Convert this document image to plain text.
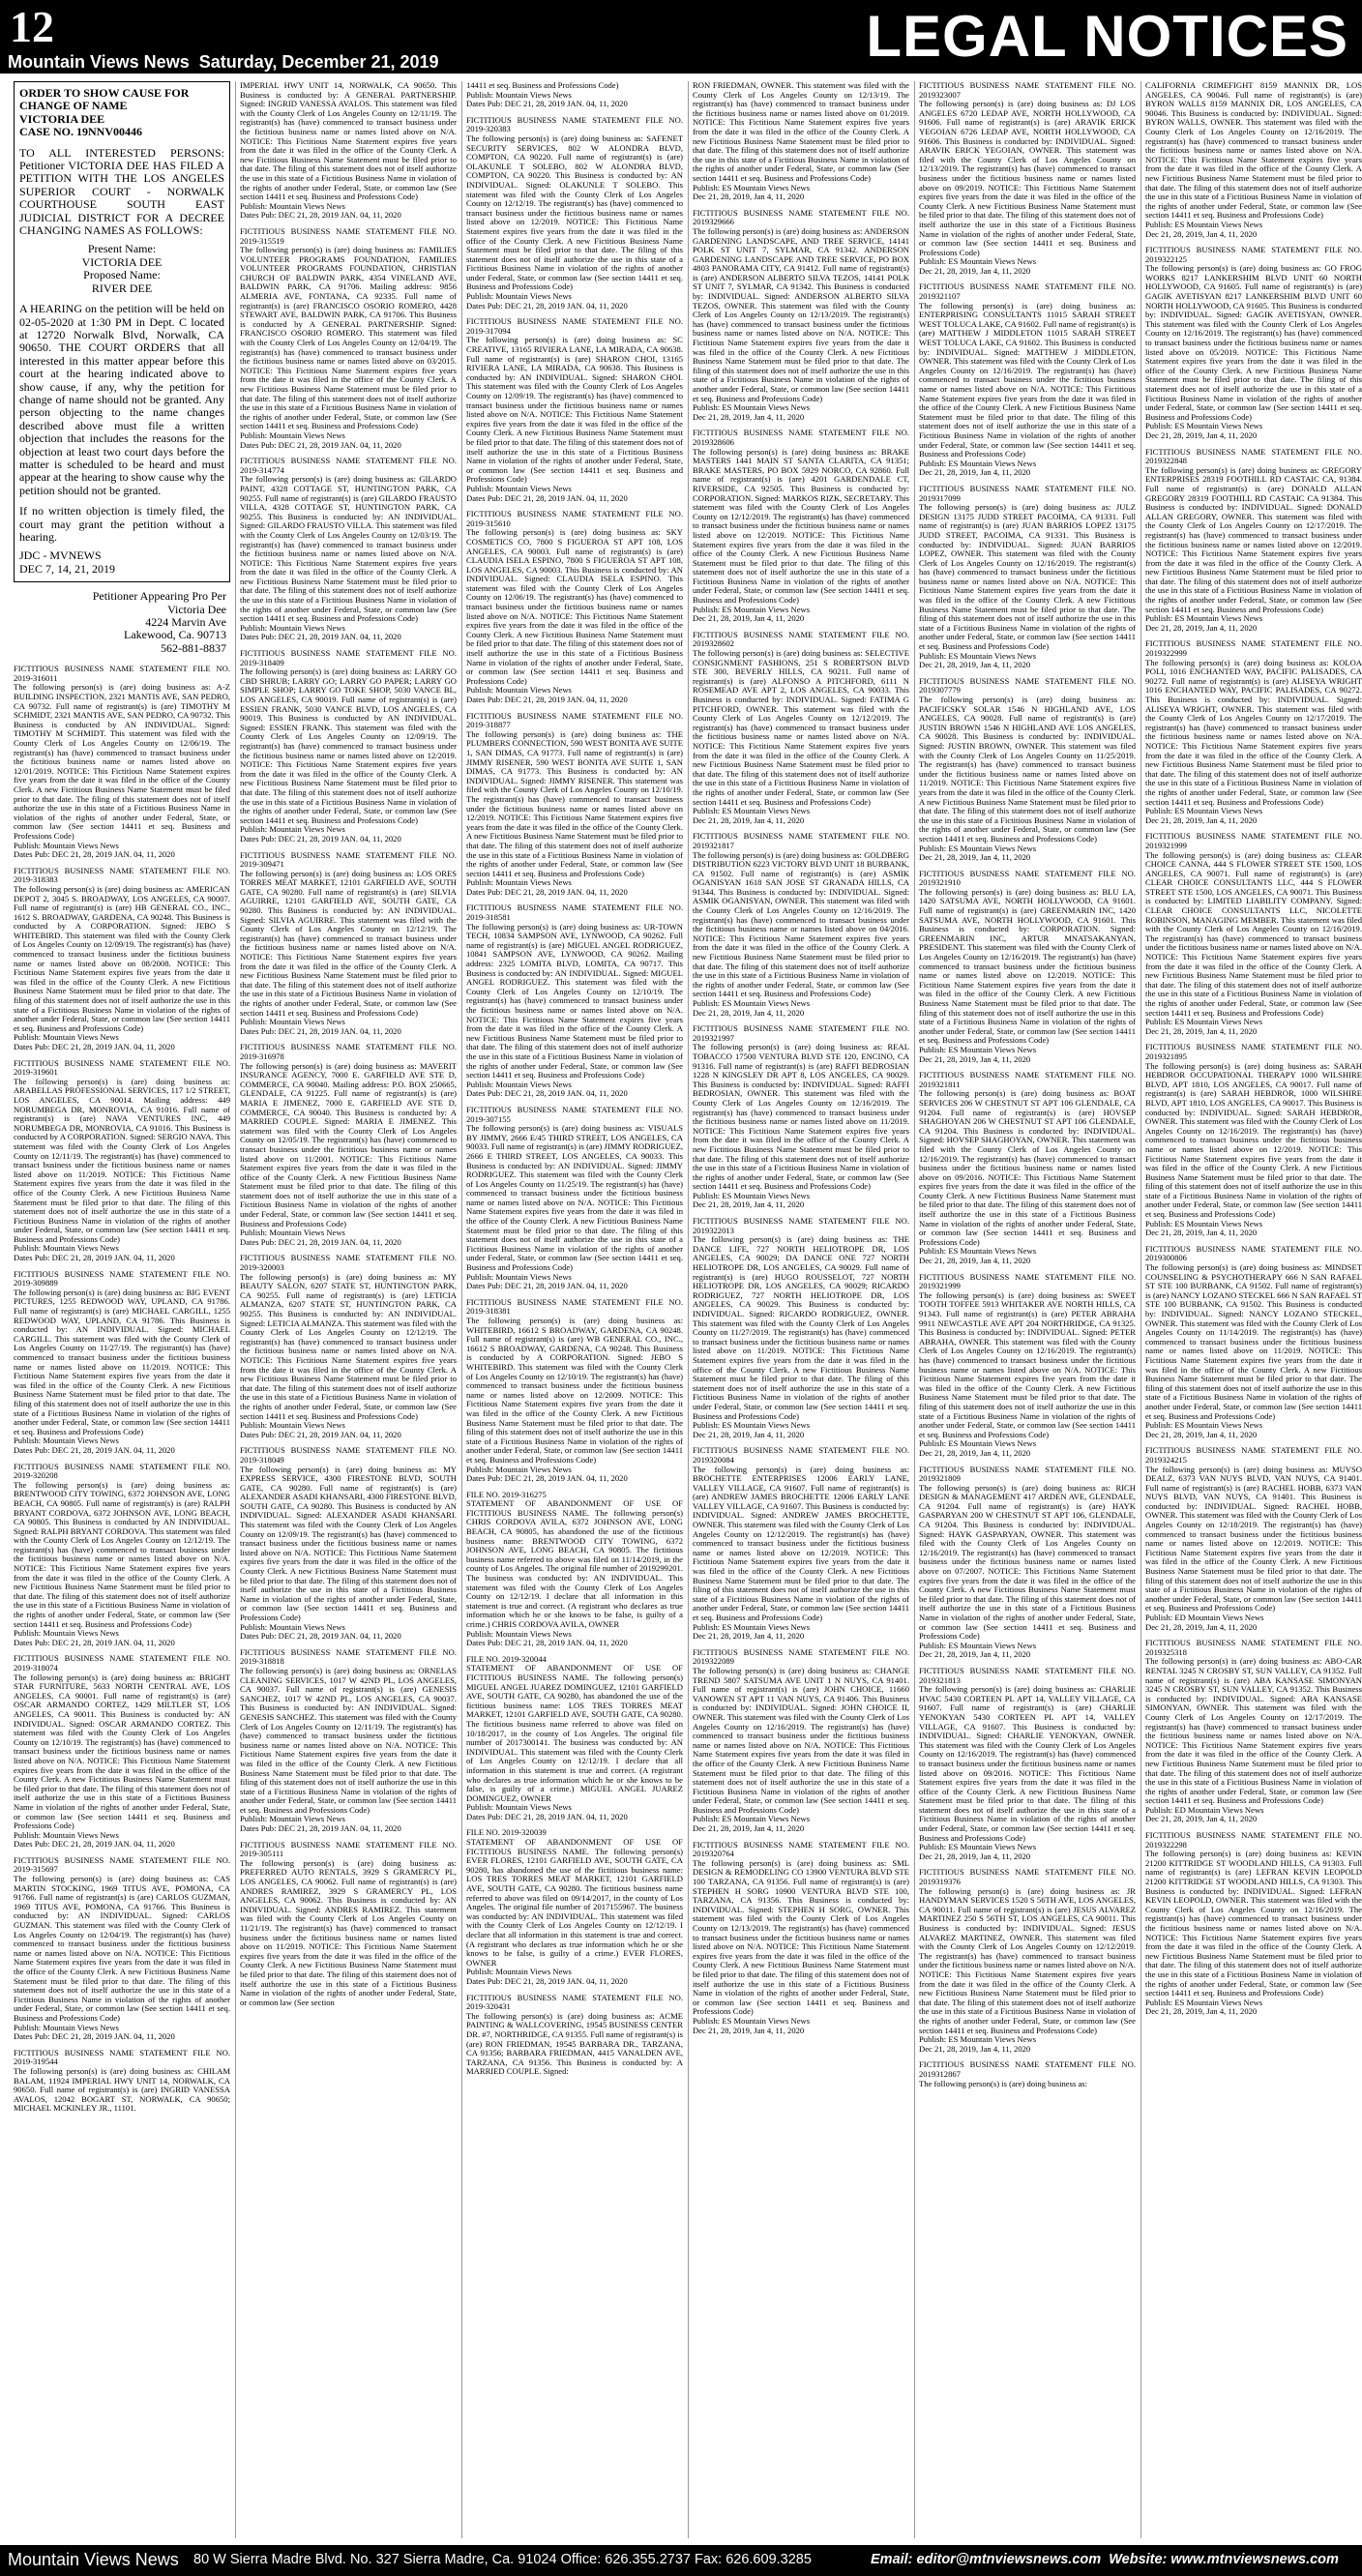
12
Mountain Views News Saturday, December 21, 2019	LEGAL NOTICES
ORDER TO SHOW CAUSE FOR CHANGE OF NAME
VICTORIA DEE
CASE NO. 19NNV00446

TO ALL INTERESTED PERSONS: Petitioner VICTORIA DEE HAS FILED A PETITION WITH THE LOS ANGELES SUPERIOR COURT - NORWALK COURTHOUSE SOUTH EAST JUDICIAL DISTRICT FOR A DECREE CHANGING NAMES AS FOLLOWS:

Present Name:
VICTORIA DEE
Proposed Name:
RIVER DEE

A HEARING on the petition will be held on 02-05-2020 at 1:30 PM in Dept. C located at 12720 Norwalk Blvd, Norwalk, CA 90650. THE COURT ORDERS that all interested in this matter appear before this court at the hearing indicated above to show cause, if any, why the petition for change of name should not be granted. Any person objecting to the name changes described above must file a written objection that includes the reasons for the objection at least two court days before the matter is scheduled to be heard and must appear at the hearing to show cause why the petition should not be granted.

If no written objection is timely filed, the court may grant the petition without a hearing.

JDC - MVNEWS
DEC 7, 14, 21, 2019
Petitioner Appearing Pro Per
Victoria Dee
4224 Marvin Ave
Lakewood, Ca. 90713
562-881-8837
FICTITIOUS BUSINESS NAME STATEMENT FILE NO. 2019-316011
The following person(s) is (are) doing business as: A-Z BUILDING INSPECTION, 2321 MANTIS AVE, SAN PEDRO, CA 90732. Full name of registrant(s) is (are) TIMOTHY M SCHMIDT, 2321 MANTIS AVE, SAN PEDRO, CA 90732. This Business is conducted by AN INDIVIDUAL. Signed: TIMOTHY M SCHMIDT. This statement was filed with the County Clerk of Los Angeles County on 12/06/19. The registrant(s) has (have) commenced to transact business under the fictitious business name or names listed above on 12/01/2019. NOTICE: This Fictitious Name Statement expires five years from the date it was filed in the office of the County Clerk. A new Fictitious Business Name Statement must be filed prior to that date. The filing of this statement does not of itself authorize the use in this state of a Fictitious Business Name in violation of the rights of another under Federal, State, or common law (See section 14411 et seq. Business and Professions Code)
Publish: Mountain Views News
Dates Pub: DEC 21, 28, 2019 JAN. 04, 11, 2020
FICTITIOUS BUSINESS NAME STATEMENT FILE NO. 2019-318383
The following person(s) is (are) doing business as: AMERICAN DEPOT 2, 3045 S. BROADWAY, LOS ANGELES, CA 90007. Full name of registrant(s) is (are) HB GENERAL CO., INC., 1612 S. BROADWAY, GARDENA, CA 90248. This Business is conducted by A CORPORATION. Signed: JEBO S WHITEBIRD. This statement was filed with the County Clerk of Los Angeles County on 12/09/19. The registrant(s) has (have) commenced to transact business under the fictitious business name or names listed above on 08/2008. NOTICE: This Fictitious Name Statement expires five years from the date it was filed in the office of the County Clerk. A new Fictitious Business Name Statement must be filed prior to that date. The filing of this statement does not of itself authorize the use in this state of a Fictitious Business Name in violation of the rights of another under Federal, State, or common law (See section 14411 et seq. Business and Professions Code)
Publish: Mountain Views News
Dates Pub: DEC 21, 28, 2019 JAN. 04, 11, 2020
FICTITIOUS BUSINESS NAME STATEMENT FILE NO. 2019-319601
The following person(s) is (are) doing business as: ARABELLAS PROFESSIONAL SERVICES, 117 1/2 STREET, LOS ANGELES, CA 90014. Mailing address: 449 NORUMBEGA DR, MONROVIA, CA 91016. Full name of registrant(s) is (are) NAVA VENTURES INC, 449 NORUMBEGA DR, MONROVIA, CA 91016. This Business is conducted by A CORPORATION. Signed: SERGIO NAVA. This statement was filed with the County Clerk of Los Angeles County on 12/11/19. The registrant(s) has (have) commenced to transact business under the fictitious business name or names listed above on 11/2019. NOTICE: This Fictitious Name Statement expires five years from the date it was filed in the office of the County Clerk. A new Fictitious Business Name Statement must be filed prior to that date. The filing of this statement does not of itself authorize the use in this state of a Fictitious Business Name in violation of the rights of another under Federal, State, or common law (See section 14411 et seq. Business and Professions Code)
Publish: Mountain Views News
Dates Pub: DEC 21, 28, 2019 JAN. 04, 11, 2020
FICTITIOUS BUSINESS NAME STATEMENT FILE NO. 2019-309889
The following person(s) is (are) doing business as: BIG EVENT PICTURES, 1255 REDWOOD WAY, UPLAND, CA 91786. Full name of registrant(s) is (are) MICHAEL CARGILL, 1255 REDWOOD WAY, UPLAND, CA 91786. This Business is conducted by: AN INDIVIDUAL. Signed: MICHAEL CARGILL. This statement was filed with the County Clerk of Los Angeles County on 11/27/19. The registrant(s) has (have) commenced to transact business under the fictitious business name or names listed above on 11/2019. NOTICE: This Fictitious Name Statement expires five years from the date it was filed in the office of the County Clerk. A new Fictitious Business Name Statement must be filed prior to that date. The filing of this statement does not of itself authorize the use in this state of a Fictitious Business Name in violation of the rights of another under Federal, State, or common law (See section 14411 et seq. Business and Professions Code)
Publish: Mountain Views News
Dates Pub: DEC 21, 28, 2019 JAN. 04, 11, 2020
FICTITIOUS BUSINESS NAME STATEMENT FILE NO. 2019-320208
The following person(s) is (are) doing business as: BRENTWOOD CITY TOWING, 6372 JOHNSON AVE, LONG BEACH, CA 90805. Full name of registrant(s) is (are) RALPH BRYANT CORDOVA, 6372 JOHNSON AVE, LONG BEACH, CA 90805. This Business is conducted by AN INDIVIDUAL. Signed: RALPH BRYANT CORDOVA. This statement was filed with the County Clerk of Los Angeles County on 12/12/19. The registrant(s) has (have) commenced to transact business under the fictitious business name or names listed above on N/A. NOTICE: This Fictitious Name Statement expires five years from the date it was filed in the office of the County Clerk. A new Fictitious Business Name Statement must be filed prior to that date. The filing of this statement does not of itself authorize the use in this state of a Fictitious Business Name in violation of the rights of another under Federal, State, or common law (See section 14411 et seq. Business and Professions Code)
Publish: Mountain Views News
Dates Pub: DEC 21, 28, 2019 JAN. 04, 11, 2020
FICTITIOUS BUSINESS NAME STATEMENT FILE NO. 2019-318074
The following person(s) is (are) doing business as: BRIGHT STAR FURNITURE, 5633 NORTH CENTRAL AVE, LOS ANGELES, CA 90001. Full name of registrant(s) is (are) OSCAR ARMANDO CORTEZ, 1429 MILTLER ST, LOS ANGELES, CA 90011. This Business is conducted by: AN INDIVIDUAL. Signed: OSCAR ARMANDO CORTEZ. This statement was filed with the County Clerk of Los Angeles County on 12/10/19. The registrant(s) has (have) commenced to transact business under the fictitious business name or names listed above on N/A. NOTICE: This Fictitious Name Statement expires five years from the date it was filed in the office of the County Clerk. A new Fictitious Business Name Statement must be filed prior to that date. The filing of this statement does not of itself authorize the use in this state of a Fictitious Business Name in violation of the rights of another under Federal, State, or common law (See section 14411 et seq. Business and Professions Code)
Publish: Mountain Views News
Dates Pub: DEC 21, 28, 2019 JAN. 04, 11, 2020
FICTITIOUS BUSINESS NAME STATEMENT FILE NO. 2019-315697
The following person(s) is (are) doing business as: CAS MARTIN STOCKING, 1969 TITUS AVE, POMONA, CA 91766. Full name of registrant(s) is (are) CARLOS GUZMAN, 1969 TITUS AVE, POMONA, CA 91766. This Business is conducted by: AN INDIVIDUAL. Signed: CARLOS GUZMAN. This statement was filed with the County Clerk of Los Angeles County on 12/04/19. The registrant(s) has (have) commenced to transact business under the fictitious business name or names listed above on N/A. NOTICE: This Fictitious Name Statement expires five years from the date it was filed in the office of the County Clerk. A new Fictitious Business Name Statement must be filed prior to that date. The filing of this statement does not of itself authorize the use in this state of a Fictitious Business Name in violation of the rights of another under Federal, State, or common law (See section 14411 et seq. Business and Professions Code)
Publish: Mountain Views News
Dates Pub: DEC 21, 28, 2019 JAN. 04, 11, 2020
FICTITIOUS BUSINESS NAME STATEMENT FILE NO. 2019-319544
The following person(s) is (are) doing business as: CHILAM BALAM, 11924 IMPERIAL HWY UNIT 14, NORWALK, CA 90650. Full name of registrant(s) is (are) INGRID VANESSA AVALOS, 12042 BOGART ST, NORWALK, CA 90650; MICHAEL MCKINLEY JR., 11101.
IMPERIAL HWY UNIT 14, NORWALK, CA 90650. This Business is conducted by: A GENERAL PARTNERSHIP. Signed: INGRID VANESSA AVALOS. This statement was filed with the County Clerk of Los Angeles County on 12/11/19. The registrant(s) has (have) commenced to transact business under the fictitious business name or names listed above on N/A. NOTICE: This Fictitious Name Statement expires five years from the date it was filed in the office of the County Clerk. A new Fictitious Business Name Statement must be filed prior to that date. The filing of this statement does not of itself authorize the use in this state of a Fictitious Business Name in violation of the rights of another under Federal, State, or common law (See section 14411 et seq. Business and Professions Code)
Publish: Mountain Views News
Dates Pub: DEC 21, 28, 2019 JAN. 04, 11, 2020
FICTITIOUS BUSINESS NAME STATEMENT FILE NO. 2019-315519
The following person(s) is (are) doing business as: FAMILIES VOLUNTEER PROGRAMS FOUNDATION, FAMILIES VOLUNTEER PROGRAMS FOUNDATION, CHRISTIAN CHURCH OF BALDWIN PARK, 4354 VINELAND AVE, BALDWIN PARK, CA 91706. Mailing address: 9856 ALMERIA AVE, FONTANA, CA 92335. Full name of registrant(s) is (are) FRANCISCO OSORIO ROMERO, 4428 STEWART AVE, BALDWIN PARK, CA 91706. This Business is conducted by A GENERAL PARTNERSHIP. Signed: FRANCISCO OSORIO ROMERO. This statement was filed with the County Clerk of Los Angeles County on 12/04/19. The registrant(s) has (have) commenced to transact business under the fictitious business name or names listed above on 03/2015. NOTICE: This Fictitious Name Statement expires five years from the date it was filed in the office of the County Clerk. A new Fictitious Business Name Statement must be filed prior to that date. The filing of this statement does not of itself authorize the use in this state of a Fictitious Business Name in violation of the rights of another under Federal, State, or common law (See section 14411 et seq. Business and Professions Code)
Publish: Mountain Views News
Dates Pub: DEC 21, 28, 2019 JAN. 04, 11, 2020
FICTITIOUS BUSINESS NAME STATEMENT FILE NO. 2019-314774
The following person(s) is (are) doing business as: GILARDO PAINT, 4328 COTTAGE ST, HUNTINGTON PARK, CA 90255. Full name of registrant(s) is (are) GILARDO FRAUSTO VILLA, 4328 COTTAGE ST, HUNTINGTON PARK, CA 90255. This Business is conducted by: AN INDIVIDUAL. Signed: GILARDO FRAUSTO VILLA. This statement was filed with the County Clerk of Los Angeles County on 12/03/19. The registrant(s) has (have) commenced to transact business under the fictitious business name or names listed above on N/A. NOTICE: This Fictitious Name Statement expires five years from the date it was filed in the office of the County Clerk. A new Fictitious Business Name Statement must be filed prior to that date. The filing of this statement does not of itself authorize the use in this state of a Fictitious Business Name in violation of the rights of another under Federal, State, or common law (See section 14411 et seq. Business and Professions Code)
Publish: Mountain Views News
Dates Pub: DEC 21, 28, 2019 JAN. 04, 11, 2020
FICTITIOUS BUSINESS NAME STATEMENT FILE NO. 2019-318409
The following person(s) is (are) doing business as: LARRY GO CBD SHRUB; LARRY GO; LARRY GO PAPER; LARRY GO SIMPLE SHOP; LARRY GO TOKE SHOP, 5030 VANCE BL, LOS ANGELES, CA 90019. Full name of registrant(s) is (are) ESSIEN FRANK, 5030 VANCE BLVD, LOS ANGELES, CA 90019. This Business is conducted by AN INDIVIDUAL. Signed: ESSIEN FRANK. This statement was filed with the County Clerk of Los Angeles County on 12/09/19. The registrant(s) has (have) commenced to transact business under the fictitious business name or names listed above on 12/2019. NOTICE: This Fictitious Name Statement expires five years from the date it was filed in the office of the County Clerk. A new Fictitious Business Name Statement must be filed prior to that date. The filing of this statement does not of itself authorize the use in this state of a Fictitious Business Name in violation of the rights of another under Federal, State, or common law (See section 14411 et seq. Business and Professions Code)
Publish: Mountain Views News
Dates Pub: DEC 21, 28, 2019 JAN. 04, 11, 2020
FICTITIOUS BUSINESS NAME STATEMENT FILE NO. 2019-309471
The following person(s) is (are) doing business as: LOS ORES TORRES MEAT MARKET, 12101 GARFIELD AVE, SOUTH GATE, CA 90280. Full name of registrant(s) is (are) SILVIA AGUIRRE, 12101 GARFIELD AVE, SOUTH GATE, CA 90280. This Business is conducted by: AN INDIVIDUAL. Signed: SILVIA AGUIRRE. This statement was filed with the County Clerk of Los Angeles County on 12/12/19. The registrant(s) has (have) commenced to transact business under the fictitious business name or names listed above on N/A. NOTICE: This Fictitious Name Statement expires five years from the date it was filed in the office of the County Clerk. A new Fictitious Business Name Statement must be filed prior to that date. The filing of this statement does not of itself authorize the use in this state of a Fictitious Business Name in violation of the rights of another under Federal, State, or common law (See section 14411 et seq. Business and Professions Code)
Publish: Mountain Views News
Dates Pub: DEC 21, 28, 2019 JAN. 04, 11, 2020
FICTITIOUS BUSINESS NAME STATEMENT FILE NO. 2019-316978
The following person(s) is (are) doing business as: MAVERIT INSURANCE AGENCY, 7000 E. GARFIELD AVE STE D, COMMERCE, CA 90040. Mailing address: P.O. BOX 250665, GLENDALE, CA 91225. Full name of registrant(s) is (are) MARIA E JIMENEZ, 7000 E. GARFIELD AVE STE D, COMMERCE, CA 90040. This Business is conducted by: A MARRIED COUPLE. Signed: MARIA E JIMENEZ. This statement was filed with the County Clerk of Los Angeles County on 12/05/19. The registrant(s) has (have) commenced to transact business under the fictitious business name or names listed above on 11/2001. NOTICE: This Fictitious Name Statement expires five years from the date it was filed in the office of the County Clerk. A new Fictitious Business Name Statement must be filed prior to that date. The filing of this statement does not of itself authorize the use in this state of a Fictitious Business Name in violation of the rights of another under Federal, State, or common law (See section 14411 et seq. Business and Professions Code)
Publish: Mountain Views News
Dates Pub: DEC 21, 28, 2019 JAN. 04, 11, 2020
FICTITIOUS BUSINESS NAME STATEMENT FILE NO. 2019-320003
The following person(s) is (are) doing business as: MY BEAUTY SALON, 6207 STATE ST, HUNTINGTON PARK, CA 90255. Full name of registrant(s) is (are) LETICIA ALMANZA, 6207 STATE ST, HUNTINGTON PARK, CA 90255. This Business is conducted by: AN INDIVIDUAL. Signed: LETICIA ALMANZA. This statement was filed with the County Clerk of Los Angeles County on 12/12/19. The registrant(s) has (have) commenced to transact business under the fictitious business name or names listed above on N/A. NOTICE: This Fictitious Name Statement expires five years from the date it was filed in the office of the County Clerk. A new Fictitious Business Name Statement must be filed prior to that date. The filing of this statement does not of itself authorize the use in this state of a Fictitious Business Name in violation of the rights of another under Federal, State, or common law (See section 14411 et seq. Business and Professions Code)
Publish: Mountain Views News
Dates Pub: DEC 21, 28, 2019 JAN. 04, 11, 2020
FICTITIOUS BUSINESS NAME STATEMENT FILE NO. 2019-318049
The following person(s) is (are) doing business as: MY EXPRESS SERVICE, 4300 FIRESTONE BLVD, SOUTH GATE, CA 90280. Full name of registrant(s) is (are) ALEXANDER ASADI KHANSARI, 4300 FIRESTONE BLVD, SOUTH GATE, CA 90280. This Business is conducted by AN INDIVIDUAL. Signed: ALEXANDER ASADI KHANSARI. This statement was filed with the County Clerk of Los Angeles County on 12/09/19. The registrant(s) has (have) commenced to transact business under the fictitious business name or names listed above on N/A. NOTICE: This Fictitious Name Statement expires five years from the date it was filed in the office of the County Clerk. A new Fictitious Business Name Statement must be filed prior to that date. The filing of this statement does not of itself authorize the use in this state of a Fictitious Business Name in violation of the rights of another under Federal, State, or common law (See section 14411 et seq. Business and Professions Code)
Publish: Mountain Views News
Dates Pub: DEC 21, 28, 2019 JAN. 04, 11, 2020
FICTITIOUS BUSINESS NAME STATEMENT FILE NO. 2019-318818
The following person(s) is (are) doing business as: ORNELAS CLEANING SERVICES, 1017 W 42ND PL, LOS ANGELES, CA 90037. Full name of registrant(s) is (are) GENESIS SANCHEZ, 1017 W 42ND PL, LOS ANGELES, CA 90037. This Business is conducted by: AN INDIVIDUAL. Signed: GENESIS SANCHEZ. This statement was filed with the County Clerk of Los Angeles County on 12/11/19. The registrant(s) has (have) commenced to transact business under the fictitious business name or names listed above on N/A. NOTICE: This Fictitious Name Statement expires five years from the date it was filed in the office of the County Clerk. A new Fictitious Business Name Statement must be filed prior to that date. The filing of this statement does not of itself authorize the use in this state of a Fictitious Business Name in violation of the rights of another under Federal, State, or common law (See section 14411 et seq. Business and Professions Code)
Publish: Mountain Views News
Dates Pub: DEC 21, 28, 2019 JAN. 04, 11, 2020
FICTITIOUS BUSINESS NAME STATEMENT FILE NO. 2019-305111
The following person(s) is (are) doing business as: PREFERRED AUTO RENTALS, 3929 S GRAMERCY PL, LOS ANGELES, CA 90062. Full name of registrant(s) is (are) ANDRES RAMIREZ, 3929 S GRAMERCY PL, LOS ANGELES, CA 90062. This Business is conducted by: AN INDIVIDUAL. Signed: ANDRES RAMIREZ. This statement was filed with the County Clerk of Los Angeles County on 11/21/19. The registrant(s) has (have) commenced to transact business under the fictitious business name or names listed above on 11/2019. NOTICE: This Fictitious Name Statement expires five years from the date it was filed in the office of the County Clerk. A new Fictitious Business Name Statement must be filed prior to that date. The filing of this statement does not of itself authorize the use in this state of a Fictitious Business Name in violation of the rights of another under Federal, State, or common law (See section
14411 et seq. Business and Professions Code)
Publish: Mountain Views News
Dates Pub: DEC 21, 28, 2019 JAN. 04, 11, 2020
FICTITIOUS BUSINESS NAME STATEMENT FILE NO. 2019-320383
The following person(s) is (are) doing business as: SAFENET SECURITY SERVICES, 802 W ALONDRA BLVD, COMPTON, CA 90220. Full name of registrant(s) is (are) OLAKUNLE T SOLEBO, 802 W ALONDRA BLVD, COMPTON, CA 90220. This Business is conducted by: AN INDIVIDUAL. Signed: OLAKUNLE T SOLEBO. This statement was filed with the County Clerk of Los Angeles County on 12/12/19. The registrant(s) has (have) commenced to transact business under the fictitious business name or names listed above on 12/2019. NOTICE: This Fictitious Name Statement expires five years from the date it was filed in the office of the County Clerk. A new Fictitious Business Name Statement must be filed prior to that date. The filing of this statement does not of itself authorize the use in this state of a Fictitious Business Name in violation of the rights of another under Federal, State, or common law (See section 14411 et seq. Business and Professions Code)
Publish: Mountain Views News
Dates Pub: DEC 21, 28, 2019 JAN. 04, 11, 2020
FICTITIOUS BUSINESS NAME STATEMENT FILE NO. 2019-317094
The following person(s) is (are) doing business as: SC CREATIVE, 13165 RIVIERA LANE, LA MIRADA, CA 90638. Full name of registrant(s) is (are) SHARON CHOI, 13165 RIVIERA LANE, LA MIRADA, CA 90638. This Business is conducted by: AN INDIVIDUAL. Signed: SHARON CHOI. This statement was filed with the County Clerk of Los Angeles County on 12/09/19. The registrant(s) has (have) commenced to transact business under the fictitious business name or names listed above on N/A. NOTICE: This Fictitious Name Statement expires five years from the date it was filed in the office of the County Clerk. A new Fictitious Business Name Statement must be filed prior to that date. The filing of this statement does not of itself authorize the use in this state of a Fictitious Business Name in violation of the rights of another under Federal, State, or common law (See section 14411 et seq. Business and Professions Code)
Publish: Mountain Views News
Dates Pub: DEC 21, 28, 2019 JAN. 04, 11, 2020
FICTITIOUS BUSINESS NAME STATEMENT FILE NO. 2019-315610
The following person(s) is (are) doing business as: SKY COSMETICS CO, 7800 S FIGUEROA ST APT 108, LOS ANGELES, CA 90003. Full name of registrant(s) is (are) CLAUDIA ISELA ESPINO, 7800 S FIGUEROA ST APT 108, LOS ANGELES, CA 90003. This Business is conducted by: AN INDIVIDUAL. Signed: CLAUDIA ISELA ESPINO. This statement was filed with the County Clerk of Los Angeles County on 12/06/19. The registrant(s) has (have) commenced to transact business under the fictitious business name or names listed above on N/A. NOTICE: This Fictitious Name Statement expires five years from the date it was filed in the office of the County Clerk. A new Fictitious Business Name Statement must be filed prior to that date. The filing of this statement does not of itself authorize the use in this state of a Fictitious Business Name in violation of the rights of another under Federal, State, or common law (See section 14411 et seq. Business and Professions Code)
Publish: Mountain Views News
Dates Pub: DEC 21, 28, 2019 JAN. 04, 11, 2020
FICTITIOUS BUSINESS NAME STATEMENT FILE NO. 2019-318877
The following person(s) is (are) doing business as: THE PLUMBERS CONNECTION, 590 WEST BONITA AVE SUITE 1, SAN DIMAS, CA 91773. Full name of registrant(s) is (are) JIMMY RISENER, 590 WEST BONITA AVE SUITE 1, SAN DIMAS, CA 91773. This Business is conducted by: AN INDIVIDUAL. Signed: JIMMY RISENER. This statement was filed with the County Clerk of Los Angeles County on 12/10/19. The registrant(s) has (have) commenced to transact business under the fictitious business name or names listed above on 12/2019. NOTICE: This Fictitious Name Statement expires five years from the date it was filed in the office of the County Clerk. A new Fictitious Business Name Statement must be filed prior to that date. The filing of this statement does not of itself authorize the use in this state of a Fictitious Business Name in violation of the rights of another under Federal, State, or common law (See section 14411 et seq. Business and Professions Code)
Publish: Mountain Views News
Dates Pub: DEC 21, 28, 2019 JAN. 04, 11, 2020
FICTITIOUS BUSINESS NAME STATEMENT FILE NO. 2019-318581
The following person(s) is (are) doing business as: UR-TOWN TECH, 10834 SAMPSON AVE, LYNWOOD, CA 90262. Full name of registrant(s) is (are) MIGUEL ANGEL RODRIGUEZ, 10841 SAMPSON AVE, LYNWOOD, CA 90262. Mailing address: 2325 LOMITA BLVD, LOMITA, CA 90717. This Business is conducted by: AN INDIVIDUAL. Signed: MIGUEL ANGEL RODRIGUEZ. This statement was filed with the County Clerk of Los Angeles County on 12/10/19. The registrant(s) has (have) commenced to transact business under the fictitious business name or names listed above on N/A. NOTICE: This Fictitious Name Statement expires five years from the date it was filed in the office of the County Clerk. A new Fictitious Business Name Statement must be filed prior to that date. The filing of this statement does not of itself authorize the use in this state of a Fictitious Business Name in violation of the rights of another under Federal, State, or common law (See section 14411 et seq. Business and Professions Code)
Publish: Mountain Views News
Dates Pub: DEC 21, 28, 2019 JAN. 04, 11, 2020
FICTITIOUS BUSINESS NAME STATEMENT FILE NO. 2019-307155
The following person(s) is (are) doing business as: VISUALS BY JIMMY, 2666 E/45 THIRD STREET, LOS ANGELES, CA 90033. Full name of registrant(s) is (are) JIMMY RODRIGUEZ, 2666 E THIRD STREET, LOS ANGELES, CA 90033. This Business is conducted by: AN INDIVIDUAL. Signed: JIMMY RODRIGUEZ. This statement was filed with the County Clerk of Los Angeles County on 11/25/19. The registrant(s) has (have) commenced to transact business under the fictitious business name or names listed above on N/A. NOTICE: This Fictitious Name Statement expires five years from the date it was filed in the office of the County Clerk. A new Fictitious Business Name Statement must be filed prior to that date. The filing of this statement does not of itself authorize the use in this state of a Fictitious Business Name in violation of the rights of another under Federal, State, or common law (See section 14411 et seq. Business and Professions Code)
Publish: Mountain Views News
Dates Pub: DEC 21, 28, 2019 JAN. 04, 11, 2020
FICTITIOUS BUSINESS NAME STATEMENT FILE NO. 2019-318381
The following person(s) is (are) doing business as: WHITEBIRD, 16612 S BROADWAY, GARDENA, CA 90248. Full name of registrant(s) is (are) WB GENERAL CO., INC., 16612 S BROADWAY, GARDENA, CA 90248. This Business is conducted by A CORPORATION. Signed: JEBO S WHITEBIRD. This statement was filed with the County Clerk of Los Angeles County on 12/10/19. The registrant(s) has (have) commenced to transact business under the fictitious business name or names listed above on 12/2009. NOTICE: This Fictitious Name Statement expires five years from the date it was filed in the office of the County Clerk. A new Fictitious Business Name Statement must be filed prior to that date. The filing of this statement does not of itself authorize the use in this state of a Fictitious Business Name in violation of the rights of another under Federal, State, or common law (See section 14411 et seq. Business and Professions Code)
Publish: Mountain Views News
Dates Pub: DEC 21, 28, 2019 JAN. 04, 11, 2020
FILE NO. 2019-316275
STATEMENT OF ABANDONMENT OF USE OF FICTITIOUS BUSINESS NAME. The following person(s) CHRIS CORDOVA AVILA, 6372 JOHNSON AVE, LONG BEACH, CA 90805, has abandoned the use of the fictitious business name: BRENTWOOD CITY TOWING, 6372 JOHNSON AVE, LONG BEACH, CA 90805. The fictitious business name referred to above was filed on 11/14/2019, in the county of Los Angeles. The original file number of 2019299201. The business was conducted by: AN INDIVIDUAL. This statement was filed with the County Clerk of Los Angeles County on 12/12/19. I declare that all information in this statement is true and correct. (A registrant who declares as true information which he or she knows to be false, is guilty of a crime.) CHRIS CORDOVA AVILA, OWNER
Publish: Mountain Views News
Dates Pub: DEC 21, 28, 2019 JAN. 04, 11, 2020
FILE NO. 2019-320044
STATEMENT OF ABANDONMENT OF USE OF FICTITIOUS BUSINESS NAME. The following person(s) MIGUEL ANGEL JUAREZ DOMINGUEZ, 12101 GARFIELD AVE, SOUTH GATE, CA 90280, has abandoned the use of the fictitious business name: LOS TRES TORRES MEAT MARKET, 12101 GARFIELD AVE, SOUTH GATE, CA 90280. The fictitious business name referred to above was filed on 10/18/2017, in the county of Los Angeles. The original file number of 2017300141. The business was conducted by: AN INDIVIDUAL. This statement was filed with the County Clerk of Los Angeles County on 12/12/19. I declare that all information in this statement is true and correct. (A registrant who declares as true information which he or she knows to be false, is guilty of a crime.) MIGUEL ANGEL JUAREZ DOMINGUEZ, OWNER
Publish: Mountain Views News
Dates Pub: DEC 21, 28, 2019 JAN. 04, 11, 2020
FILE NO. 2019-320039
STATEMENT OF ABANDONMENT OF USE OF FICTITIOUS BUSINESS NAME. The following person(s) EVER FLORES, 12101 GARFIELD AVE, SOUTH GATE, CA 90280, has abandoned the use of the fictitious business name: LOS TRES TORRES MEAT MARKET, 12101 GARFIELD AVE, SOUTH GATE, CA 90280. The fictitious business name referred to above was filed on 09/14/2017, in the county of Los Angeles. The original file number of 2017155967. The business was conducted by: AN INDIVIDUAL. This statement was filed with the County Clerk of Los Angeles County on 12/12/19. I declare that all information in this statement is true and correct. (A registrant who declares as true information which he or she knows to be false, is guilty of a crime.) EVER FLORES, OWNER
Publish: Mountain Views News
Dates Pub: DEC 21, 28, 2019 JAN. 04, 11, 2020
FICTITIOUS BUSINESS NAME STATEMENT FILE NO. 2019-320431
The following person(s) is (are) doing business as: ACME PAINTING & WALLCOVERING, 19545 BUSINESS CENTER DR. #7, NORTHRIDGE, CA 91355. Full name of registrant(s) is (are) RON FRIEDMAN, 19545 BARBARA DR., TARZANA, CA 91356; BARBARA FRIEDMAN, 4415 VANALDEN AVE, TARZANA, CA 91356. This Business is conducted by: A MARRIED COUPLE. Signed:
RON FRIEDMAN, OWNER. This statement was filed with the County Clerk of Los Angeles County on 12/13/19. The registrant(s) has (have) commenced to transact business under the fictitious business name or names listed above on 01/2019. NOTICE: This Fictitious Name Statement expires five years from the date it was filed in the office of the County Clerk. A new Fictitious Business Name Statement must be filed prior to that date. The filing of this statement does not of itself authorize the use in this state of a Fictitious Business Name in violation of the rights of another under Federal, State, or common law (See section 14411 et seq. Business and Professions Code)
Publish: ES Mountain Views News
Dec 21, 28, 2019, Jan 4, 11, 2020
FICTITIOUS BUSINESS NAME STATEMENT FILE NO. 2019329666
The following person(s) is (are) doing business as: ANDERSON GARDENING LANDSCAPE, AND TREE SERVICE, 14141 POLK ST UNIT 7, SYLMAR, CA 91342. ANDERSON GARDENING LANDSCAPE AND TREE SERVICE, PO BOX 4803 PANORAMA CITY, CA 91412. Full name of registrant(s) is (are) ANDERSON ALBERTO SILVA TEZOS, 14141 POLK ST UNIT 7, SYLMAR, CA 91342. This Business is conducted by: INDIVIDUAL. Signed: ANDERSON ALBERTO SILVA TEZOS, OWNER. This statement was filed with the County Clerk of Los Angeles County on 12/13/2019. The registrant(s) has (have) commenced to transact business under the fictitious business name or names listed above on N/A. NOTICE: This Fictitious Name Statement expires five years from the date it was filed in the office of the County Clerk. A new Fictitious Business Name Statement must be filed prior to that date. The filing of this statement does not of itself authorize the use in this state of a Fictitious Business Name in violation of the rights of another under Federal, State, or common law (See section 14411 et seq. Business and Professions Code)
Publish: ES Mountain Views News
Dec 21, 28, 2019, Jan 4, 11, 2020
FICTITIOUS BUSINESS NAME STATEMENT FILE NO. 2019328606
The following person(s) is (are) doing business as: BRAKE MASTERS 1441 MAIN ST SANTA CLARITA, CA 91351; BRAKE MASTERS, PO BOX 5929 NORCO, CA 92860. Full name of registrant(s) is (are) 4201 GARDENDALE CT, RIVERSIDE, CA 92505. This Business is conducted by: CORPORATION. Signed: MARKOS RIZK, SECRETARY. This statement was filed with the County Clerk of Los Angeles County on 12/12/2019. The registrant(s) has (have) commenced to transact business under the fictitious business name or names listed above on 12/2019. NOTICE: This Fictitious Name Statement expires five years from the date it was filed in the office of the County Clerk. A new Fictitious Business Name Statement must be filed prior to that date. The filing of this statement does not of itself authorize the use in this state of a Fictitious Business Name in violation of the rights of another under Federal, State, or common law (See section 14411 et seq. Business and Professions Code)
Publish: ES Mountain Views News
Dec 21, 28, 2019, Jan 4, 11, 2020
FICTITIOUS BUSINESS NAME STATEMENT FILE NO. 2019328602
The following person(s) is (are) doing business as: SELECTIVE CONSIGNMENT FASHIONS, 251 S ROBERTSON BLVD STE 300, BEVERLY HILLS, CA 90211. Full name of registrant(s) is (are) ALFONSO A PITCHFORD, 6111 N ROSEMEAD AVE APT 2, LOS ANGELES, CA 90033. This Business is conducted by: INDIVIDUAL. Signed: FATIMA G PITCHFORD, OWNER. This statement was filed with the County Clerk of Los Angeles County on 12/12/2019. The registrant(s) has (have) commenced to transact business under the fictitious business name or names listed above on N/A. NOTICE: This Fictitious Name Statement expires five years from the date it was filed in the office of the County Clerk. A new Fictitious Business Name Statement must be filed prior to that date. The filing of this statement does not of itself authorize the use in this state of a Fictitious Business Name in violation of the rights of another under Federal, State, or common law (See section 14411 et seq. Business and Professions Code)
Publish: ES Mountain Views News
Dec 21, 28, 2019, Jan 4, 11, 2020
FICTITIOUS BUSINESS NAME STATEMENT FILE NO. 2019321817
The following person(s) is (are) doing business as: GOLDBERG DISTRIBUTION 6223 VICTORY BLVD UNIT 18 BURBANK, CA 91502. Full name of registrant(s) is (are) ASMIK OGANISYAN 1618 SAN JOSE ST GRANADA HILLS, CA 91344. This Business is conducted by: INDIVIDUAL. Signed: ASMIK OGANISYAN, OWNER. This statement was filed with the County Clerk of Los Angeles County on 12/16/2019. The registrant(s) has (have) commenced to transact business under the fictitious business name or names listed above on 04/2016. NOTICE: This Fictitious Name Statement expires five years from the date it was filed in the office of the County Clerk. A new Fictitious Business Name Statement must be filed prior to that date. The filing of this statement does not of itself authorize the use in this state of a Fictitious Business Name in violation of the rights of another under Federal, State, or common law (See section 14411 et seq. Business and Professions Code)
Publish: ES Mountain Views News
Dec 21, 28, 2019, Jan 4, 11, 2020
FICTITIOUS BUSINESS NAME STATEMENT FILE NO. 2019321997
The following person(s) is (are) doing business as: REAL TOBACCO 17500 VENTURA BLVD STE 120, ENCINO, CA 91316. Full name of registrant(s) is (are) RAFFI BEDROSIAN 1228 N KINGSLEY DR APT 8, LOS ANGELES, CA 90029. This Business is conducted by: INDIVIDUAL. Signed: RAFFI BEDROSIAN, OWNER. This statement was filed with the County Clerk of Los Angeles County on 12/16/2019. The registrant(s) has (have) commenced to transact business under the fictitious business name or names listed above on 11/2019. NOTICE: This Fictitious Name Statement expires five years from the date it was filed in the office of the County Clerk. A new Fictitious Business Name Statement must be filed prior to that date. The filing of this statement does not of itself authorize the use in this state of a Fictitious Business Name in violation of the rights of another under Federal, State, or common law (See section 14411 et seq. Business and Professions Code)
Publish: ES Mountain Views News
Dec 21, 28, 2019, Jan 4, 11, 2020
FICTITIOUS BUSINESS NAME STATEMENT FILE NO. 2019322013
The following person(s) is (are) doing business as: THE DANCE LIFE, 727 NORTH HELIOTROPE DR, LOS ANGELES, CA 90029; DA DANCE ONE 727 NORTH HELIOTROPE DR, LOS ANGELES, CA 90029. Full name of registrant(s) is (are) HUGO ROUSSELOT, 727 NORTH HELIOTROPE DR, LOS ANGELES, CA 90029; RICARDO RODRIGUEZ, 727 NORTH HELIOTROPE DR, LOS ANGELES, CA 90029. This Business is conducted by: INDIVIDUAL. Signed: RICARDO RODRIGUEZ, OWNER. This statement was filed with the County Clerk of Los Angeles County on 11/27/2019. The registrant(s) has (have) commenced to transact business under the fictitious business name or names listed above on 11/2019. NOTICE: This Fictitious Name Statement expires five years from the date it was filed in the office of the County Clerk. A new Fictitious Business Name Statement must be filed prior to that date. The filing of this statement does not of itself authorize the use in this state of a Fictitious Business Name in violation of the rights of another under Federal, State, or common law (See section 14411 et seq. Business and Professions Code)
Publish: ES Mountain Views News
Dec 21, 28, 2019, Jan 4, 11, 2020
FICTITIOUS BUSINESS NAME STATEMENT FILE NO. 2019320084
The following person(s) is (are) doing business as: BROCHETTE ENTERPRISES 12006 EARLY LANE, VALLEY VILLAGE, CA 91607. Full name of registrant(s) is (are) ANDREW JAMES BROCHETTE 12006 EARLY LANE VALLEY VILLAGE, CA 91607. This Business is conducted by: INDIVIDUAL. Signed: ANDREW JAMES BROCHETTE, OWNER. This statement was filed with the County Clerk of Los Angeles County on 12/12/2019. The registrant(s) has (have) commenced to transact business under the fictitious business name or names listed above on 12/2019. NOTICE: This Fictitious Name Statement expires five years from the date it was filed in the office of the County Clerk. A new Fictitious Business Name Statement must be filed prior to that date. The filing of this statement does not of itself authorize the use in this state of a Fictitious Business Name in violation of the rights of another under Federal, State, or common law (See section 14411 et seq. Business and Professions Code)
Publish: ES Mountain Views News
Dec 21, 28, 2019, Jan 4, 11, 2020
FICTITIOUS BUSINESS NAME STATEMENT FILE NO. 2019322089
The following person(s) is (are) doing business as: CHANGE TREND 5807 SATSUMA AVE UNIT 1 N NUYS, CA 91401. Full name of registrant(s) is (are) JOHN CHOICE, 11660 VANOWEN ST APT 11 VAN NUYS, CA 91406. This Business is conducted by: INDIVIDUAL. Signed: JOHN CHOICE II, OWNER. This statement was filed with the County Clerk of Los Angeles County on 12/16/2019. The registrant(s) has (have) commenced to transact business under the fictitious business name or names listed above on N/A. NOTICE: This Fictitious Name Statement expires five years from the date it was filed in the office of the County Clerk. A new Fictitious Business Name Statement must be filed prior to that date. The filing of this statement does not of itself authorize the use in this state of a Fictitious Business Name in violation of the rights of another under Federal, State, or common law (See section 14411 et seq. Business and Professions Code)
Publish: ES Mountain Views News
Dec 21, 28, 2019, Jan 4, 11, 2020
FICTITIOUS BUSINESS NAME STATEMENT FILE NO. 2019320764
The following person(s) is (are) doing business as: SML DESIGN & REMODELING CO 13900 VENTURA BLVD STE 100 TARZANA, CA 91356. Full name of registrant(s) is (are) STEPHEN H SORG 10900 VENTURA BLVD STE 100, TARZANA, CA 91356. This Business is conducted by: INDIVIDUAL. Signed: STEPHEN H SORG, OWNER. This statement was filed with the County Clerk of Los Angeles County on 12/13/2019. The registrant(s) has (have) commenced to transact business under the fictitious business name or names listed above on N/A. NOTICE: This Fictitious Name Statement expires five years from the date it was filed in the office of the County Clerk. A new Fictitious Business Name Statement must be filed prior to that date. The filing of this statement does not of itself authorize the use in this state of a Fictitious Business Name in violation of the rights of another under Federal, State, or common law (See section 14411 et seq. Business and Professions Code)
Publish: ES Mountain Views News
Dec 21, 28, 2019, Jan 4, 11, 2020
FICTITIOUS BUSINESS NAME STATEMENT FILE NO. 2019323007
The following person(s) is (are) doing business as: DJ LOS ANGELES 6720 LEDAP AVE, NORTH HOLLYWOOD, CA 91606. Full name of registrant(s) is (are) ARAVIK ERICK YEGOIAN 6726 LEDAP AVE, NORTH HOLLYWOOD, CA 91606. This Business is conducted by: INDIVIDUAL. Signed: ARAVIK ERICK YEGOIAN, OWNER. This statement was filed with the County Clerk of Los Angeles County on 12/13/2019. The registrant(s) has (have) commenced to transact business under the fictitious business name or names listed above on 09/2019. NOTICE: This Fictitious Name Statement expires five years from the date it was filed in the office of the County Clerk. A new Fictitious Business Name Statement must be filed prior to that date. The filing of this statement does not of itself authorize the use in this state of a Fictitious Business Name in violation of the rights of another under Federal, State, or common law (See section 14411 et seq. Business and Professions Code)
Publish: ES Mountain Views News
Dec 21, 28, 2019, Jan 4, 11, 2020
FICTITIOUS BUSINESS NAME STATEMENT FILE NO. 2019321107
The following person(s) is (are) doing business as: ENTERPRISING CONSULTANTS 11015 SARAH STREET WEST TOLUCA LAKE, CA 91602. Full name of registrant(s) is (are) MATTHEW J MIDDLETON 11015 SARAH STREET WEST TOLUCA LAKE, CA 91602. This Business is conducted by: INDIVIDUAL. Signed: MATTHEW J MIDDLETON, OWNER. This statement was filed with the County Clerk of Los Angeles County on 12/16/2019. The registrant(s) has (have) commenced to transact business under the fictitious business name or names listed above on N/A. NOTICE: This Fictitious Name Statement expires five years from the date it was filed in the office of the County Clerk. A new Fictitious Business Name Statement must be filed prior to that date. The filing of this statement does not of itself authorize the use in this state of a Fictitious Business Name in violation of the rights of another under Federal, State, or common law (See section 14411 et seq. Business and Professions Code)
Publish: ES Mountain Views News
Dec 21, 28, 2019, Jan 4, 11, 2020
FICTITIOUS BUSINESS NAME STATEMENT FILE NO. 2019317099
The following person(s) is (are) doing business as: JULZ DESIGN 13175 JUDD STREET PACOIMA, CA 91331. Full name of registrant(s) is (are) JUAN BARRIOS LOPEZ 13175 JUDD STREET, PACOIMA, CA 91331. This Business is conducted by: INDIVIDUAL. Signed: JUAN BARRIOS LOPEZ, OWNER. This statement was filed with the County Clerk of Los Angeles County on 12/16/2019. The registrant(s) has (have) commenced to transact business under the fictitious business name or names listed above on N/A. NOTICE: This Fictitious Name Statement expires five years from the date it was filed in the office of the County Clerk. A new Fictitious Business Name Statement must be filed prior to that date. The filing of this statement does not of itself authorize the use in this state of a Fictitious Business Name in violation of the rights of another under Federal, State, or common law (See section 14411 et seq. Business and Professions Code)
Publish: ES Mountain Views News
Dec 21, 28, 2019, Jan 4, 11, 2020
FICTITIOUS BUSINESS NAME STATEMENT FILE NO. 2019307779
The following person(s) is (are) doing business as: PACIFICSKY SOLAR 1546 N HIGHLAND AVE, LOS ANGELES, CA 90028. Full name of registrant(s) is (are) JUSTIN BROWN 1546 N HIGHLAND AVE LOS ANGELES, CA 90028. This Business is conducted by: INDIVIDUAL. Signed: JUSTIN BROWN, OWNER. This statement was filed with the County Clerk of Los Angeles County on 11/25/2019. The registrant(s) has (have) commenced to transact business under the fictitious business name or names listed above on 11/2019. NOTICE: This Fictitious Name Statement expires five years from the date it was filed in the office of the County Clerk. A new Fictitious Business Name Statement must be filed prior to that date. The filing of this statement does not of itself authorize the use in this state of a Fictitious Business Name in violation of the rights of another under Federal, State, or common law (See section 14411 et seq. Business and Professions Code)
Publish: ES Mountain Views News
Dec 21, 28, 2019, Jan 4, 11, 2020
FICTITIOUS BUSINESS NAME STATEMENT FILE NO. 2019321910
The following person(s) is (are) doing business as: BLU LA, 1420 SATSUMA AVE, NORTH HOLLYWOOD, CA 91601. Full name of registrant(s) is (are) GREENMARIN INC, 1420 SATSUMA AVE, NORTH HOLLYWOOD, CA 91601. This Business is conducted by: CORPORATION. Signed: GREENMARIN INC, ARTUR MNATSAKANYAN, PRESIDENT. This statement was filed with the County Clerk of Los Angeles County on 12/16/2019. The registrant(s) has (have) commenced to transact business under the fictitious business name or names listed above on 12/2019. NOTICE: This Fictitious Name Statement expires five years from the date it was filed in the office of the County Clerk. A new Fictitious Business Name Statement must be filed prior to that date. The filing of this statement does not of itself authorize the use in this state of a Fictitious Business Name in violation of the rights of another under Federal, State, or common law (See section 14411 et seq. Business and Professions Code)
Publish: ES Mountain Views News
Dec 21, 28, 2019, Jan 4, 11, 2020
FICTITIOUS BUSINESS NAME STATEMENT FILE NO. 2019321811
The following person(s) is (are) doing business as: BOAT SERVICES 206 W CHESTNUT ST APT 106 GLENDALE, CA 91204. Full name of registrant(s) is (are) HOVSEP SHAGHOYAN 206 W CHESTNUT ST APT 106 GLENDALE, CA 91204. This Business is conducted by: INDIVIDUAL. Signed: HOVSEP SHAGHOYAN, OWNER. This statement was filed with the County Clerk of Los Angeles County on 12/16/2019. The registrant(s) has (have) commenced to transact business under the fictitious business name or names listed above on 09/2016. NOTICE: This Fictitious Name Statement expires five years from the date it was filed in the office of the County Clerk. A new Fictitious Business Name Statement must be filed prior to that date. The filing of this statement does not of itself authorize the use in this state of a Fictitious Business Name in violation of the rights of another under Federal, State, or common law (See section 14411 et seq. Business and Professions Code)
Publish: ES Mountain Views News
Dec 21, 28, 2019, Jan 4, 11, 2020
FICTITIOUS BUSINESS NAME STATEMENT FILE NO. 2019321999
The following person(s) is (are) doing business as: SWEET TOOTH TOFFEE 5913 WHITAKER AVE NORTH HILLS, CA 91343. Full name of registrant(s) is (are) PETER ABRAHA 9911 NEWCASTLE AVE APT 204 NORTHRIDGE, CA 91325. This Business is conducted by: INDIVIDUAL. Signed: PETER ABRAHA, OWNER. This statement was filed with the County Clerk of Los Angeles County on 12/16/2019. The registrant(s) has (have) commenced to transact business under the fictitious business name or names listed above on N/A. NOTICE: This Fictitious Name Statement expires five years from the date it was filed in the office of the County Clerk. A new Fictitious Business Name Statement must be filed prior to that date. The filing of this statement does not of itself authorize the use in this state of a Fictitious Business Name in violation of the rights of another under Federal, State, or common law (See section 14411 et seq. Business and Professions Code)
Publish: ES Mountain Views News
Dec 21, 28, 2019, Jan 4, 11, 2020
FICTITIOUS BUSINESS NAME STATEMENT FILE NO. 2019321809
The following person(s) is (are) doing business as: RICH DESIGN & MANAGEMENT 417 ARDEN AVE, GLENDALE, CA 91204. Full name of registrant(s) is (are) HAYK GASPARYAN 200 W CHESTNUT ST APT 106, GLENDALE, CA 91204. This Business is conducted by: INDIVIDUAL. Signed: HAYK GASPARYAN, OWNER. This statement was filed with the County Clerk of Los Angeles County on 12/16/2019. The registrant(s) has (have) commenced to transact business under the fictitious business name or names listed above on 07/2007. NOTICE: This Fictitious Name Statement expires five years from the date it was filed in the office of the County Clerk. A new Fictitious Business Name Statement must be filed prior to that date. The filing of this statement does not of itself authorize the use in this state of a Fictitious Business Name in violation of the rights of another under Federal, State, or common law (See section 14411 et seq. Business and Professions Code)
Publish: ES Mountain Views News
Dec 21, 28, 2019, Jan 4, 11, 2020
FICTITIOUS BUSINESS NAME STATEMENT FILE NO. 2019321813
The following person(s) is (are) doing business as: CHARLIE HVAC 5430 CORTEEN PL APT 14, VALLEY VILLAGE, CA 91607. Full name of registrant(s) is (are) CHARLIE YENOKYAN 5430 CORTEEN PL APT 14, VALLEY VILLAGE, CA 91607. This Business is conducted by: INDIVIDUAL. Signed: CHARLIE YENOKYAN, OWNER. This statement was filed with the County Clerk of Los Angeles County on 12/16/2019. The registrant(s) has (have) commenced to transact business under the fictitious business name or names listed above on 09/2016. NOTICE: This Fictitious Name Statement expires five years from the date it was filed in the office of the County Clerk. A new Fictitious Business Name Statement must be filed prior to that date. The filing of this statement does not of itself authorize the use in this state of a Fictitious Business Name in violation of the rights of another under Federal, State, or common law (See section 14411 et seq. Business and Professions Code)
Publish: ES Mountain Views News
Dec 21, 28, 2019, Jan 4, 11, 2020
FICTITIOUS BUSINESS NAME STATEMENT FILE NO. 2019319376
The following person(s) is (are) doing business as: JR HANDYMAN SERVICES 1520 S 56TH AVE, LOS ANGELES, CA 90011. Full name of registrant(s) is (are) JESUS ALVAREZ MARTINEZ 250 S 56TH ST, LOS ANGELES, CA 90011. This Business is conducted by: INDIVIDUAL. Signed: JESUS ALVAREZ MARTINEZ, OWNER. This statement was filed with the County Clerk of Los Angeles County on 12/12/2019. The registrant(s) has (have) commenced to transact business under the fictitious business name or names listed above on N/A. NOTICE: This Fictitious Name Statement expires five years from the date it was filed in the office of the County Clerk. A new Fictitious Business Name Statement must be filed prior to that date. The filing of this statement does not of itself authorize the use in this state of a Fictitious Business Name in violation of the rights of another under Federal, State, or common law (See section 14411 et seq. Business and Professions Code)
Publish: ES Mountain Views News
Dec 21, 28, 2019, Jan 4, 11, 2020
FICTITIOUS BUSINESS NAME STATEMENT FILE NO. 2019312867
The following person(s) is (are) doing business as:
CALIFORNIA CRIMEFIGHT 8159 MANNIX DR, LOS ANGELES, CA 90046. Full name of registrant(s) is (are) BYRON WALLS 8159 MANNIX DR, LOS ANGELES, CA 90046. This Business is conducted by: INDIVIDUAL. Signed: BYRON WALLS, OWNER. This statement was filed with the County Clerk of Los Angeles County on 12/16/2019. The registrant(s) has (have) commenced to transact business under the fictitious business name or names listed above on N/A. NOTICE: This Fictitious Name Statement expires five years from the date it was filed in the office of the County Clerk. A new Fictitious Business Name Statement must be filed prior to that date. The filing of this statement does not of itself authorize the use in this state of a Fictitious Business Name in violation of the rights of another under Federal, State, or common law (See section 14411 et seq. Business and Professions Code)
Publish: ES Mountain Views News
Dec 21, 28, 2019, Jan 4, 11, 2020
FICTITIOUS BUSINESS NAME STATEMENT FILE NO. 2019322125
The following person(s) is (are) doing business as: GO FROG WORKS 8217 LANKERSHIM BLVD UNIT 60 NORTH HOLLYWOOD, CA 91605. Full name of registrant(s) is (are) GAGIK AVETISYAN 8217 LANKERSHIM BLVD UNIT 60 NORTH HOLLYWOOD, CA 91605. This Business is conducted by: INDIVIDUAL. Signed: GAGIK AVETISYAN, OWNER. This statement was filed with the County Clerk of Los Angeles County on 12/16/2019. The registrant(s) has (have) commenced to transact business under the fictitious business name or names listed above on 05/2019. NOTICE: This Fictitious Name Statement expires five years from the date it was filed in the office of the County Clerk. A new Fictitious Business Name Statement must be filed prior to that date. The filing of this statement does not of itself authorize the use in this state of a Fictitious Business Name in violation of the rights of another under Federal, State, or common law (See section 14411 et seq. Business and Professions Code)
Publish: ES Mountain Views News
Dec 21, 28, 2019, Jan 4, 11, 2020
FICTITIOUS BUSINESS NAME STATEMENT FILE NO. 2019322848
The following person(s) is (are) doing business as: GREGORY ENTERPRISES 28319 FOOTHILL RD CASTAIC CA, 91384. Full name of registrant(s) is (are) DONALD ALLAN GREGORY 28319 FOOTHILL RD CASTAIC CA 91384. This Business is conducted by: INDIVIDUAL. Signed: DONALD ALLAN GREGORY, OWNER. This statement was filed with the County Clerk of Los Angeles County on 12/17/2019. The registrant(s) has (have) commenced to transact business under the fictitious business name or names listed above on 12/2019. NOTICE: This Fictitious Name Statement expires five years from the date it was filed in the office of the County Clerk. A new Fictitious Business Name Statement must be filed prior to that date. The filing of this statement does not of itself authorize the use in this state of a Fictitious Business Name in violation of the rights of another under Federal, State, or common law (See section 14411 et seq. Business and Professions Code)
Publish: ES Mountain Views News
Dec 21, 28, 2019, Jan 4, 11, 2020
FICTITIOUS BUSINESS NAME STATEMENT FILE NO. 2019322999
The following person(s) is (are) doing business as: KOLOA POLI, 1016 ENCHANTED WAY, PACIFIC PALISADES, CA 90272. Full name of registrant(s) is (are) ALISEYA WRIGHT 1016 ENCHANTED WAY, PACIFIC PALISADES, CA 90272. This Business is conducted by: INDIVIDUAL. Signed: ALISEYA WRIGHT, OWNER. This statement was filed with the County Clerk of Los Angeles County on 12/17/2019. The registrant(s) has (have) commenced to transact business under the fictitious business name or names listed above on N/A. NOTICE: This Fictitious Name Statement expires five years from the date it was filed in the office of the County Clerk. A new Fictitious Business Name Statement must be filed prior to that date. The filing of this statement does not of itself authorize the use in this state of a Fictitious Business Name in violation of the rights of another under Federal, State, or common law (See section 14411 et seq. Business and Professions Code)
Publish: ES Mountain Views News
Dec 21, 28, 2019, Jan 4, 11, 2020
FICTITIOUS BUSINESS NAME STATEMENT FILE NO. 2019321999
The following person(s) is (are) doing business as: CLEAR CHOICE CANNA, 444 S FLOWER STREET STE 1500, LOS ANGELES, CA 90071. Full name of registrant(s) is (are) CLEAR CHOICE CONSULTANTS LLC, 444 S FLOWER STREET STE 1500, LOS ANGELES, CA 90071. This Business is conducted by: LIMITED LIABILITY COMPANY. Signed: CLEAR CHOICE CONSULTANTS LLC, NICOLETTE ROBINSON, MANAGING MEMBER. This statement was filed with the County Clerk of Los Angeles County on 12/16/2019. The registrant(s) has (have) commenced to transact business under the fictitious business name or names listed above on N/A. NOTICE: This Fictitious Name Statement expires five years from the date it was filed in the office of the County Clerk. A new Fictitious Business Name Statement must be filed prior to that date. The filing of this statement does not of itself authorize the use in this state of a Fictitious Business Name in violation of the rights of another under Federal, State, or common law (See section 14411 et seq. Business and Professions Code)
Publish: ES Mountain Views News
Dec 21, 28, 2019, Jan 4, 11, 2020
FICTITIOUS BUSINESS NAME STATEMENT FILE NO. 2019321895
The following person(s) is (are) doing business as: SARAH HEBDROR OCCUPATIONAL THERAPY 1000 WILSHIRE BLVD, APT 1810, LOS ANGELES, CA 90017. Full name of registrant(s) is (are) SARAH HEBDROR, 1000 WILSHIRE BLVD, APT 1810, LOS ANGELES, CA 90017. This Business is conducted by: INDIVIDUAL. Signed: SARAH HEBDROR, OWNER. This statement was filed with the County Clerk of Los Angeles County on 12/16/2019. The registrant(s) has (have) commenced to transact business under the fictitious business name or names listed above on 12/2019. NOTICE: This Fictitious Name Statement expires five years from the date it was filed in the office of the County Clerk. A new Fictitious Business Name Statement must be filed prior to that date. The filing of this statement does not of itself authorize the use in this state of a Fictitious Business Name in violation of the rights of another under Federal, State, or common law (See section 14411 et seq. Business and Professions Code)
Publish: ES Mountain Views News
Dec 21, 28, 2019, Jan 4, 11, 2020
FICTITIOUS BUSINESS NAME STATEMENT FILE NO. 2019300806
The following person(s) is (are) doing business as: MINDSET COUNSELING & PSYCHOTHERAPY 666 N SAN RAFAEL ST STE 100 BURBANK, CA 91502. Full name of registrant(s) is (are) NANCY LOZANO STECKEL 666 N SAN RAFAEL ST STE 100 BURBANK, CA 91502. This Business is conducted by: INDIVIDUAL. Signed: NANCY LOZANO STECKEL, OWNER. This statement was filed with the County Clerk of Los Angeles County on 11/14/2019. The registrant(s) has (have) commenced to transact business under the fictitious business name or names listed above on 11/2019. NOTICE: This Fictitious Name Statement expires five years from the date it was filed in the office of the County Clerk. A new Fictitious Business Name Statement must be filed prior to that date. The filing of this statement does not of itself authorize the use in this state of a Fictitious Business Name in violation of the rights of another under Federal, State, or common law (See section 14411 et seq. Business and Professions Code)
Publish: ES Mountain Views News
Dec 21, 28, 2019, Jan 4, 11, 2020
FICTITIOUS BUSINESS NAME STATEMENT FILE NO. 2019324215
The following person(s) is (are) doing business as: MUVSO DEALZ, 6373 VAN NUYS BLVD, VAN NUYS, CA 91401. Full name of registrant(s) is (are) RACHEL HOBB, 6373 VAN NUYS BLVD, VAN NUYS, CA 91401. This Business is conducted by: INDIVIDUAL. Signed: RACHEL HOBB, OWNER. This statement was filed with the County Clerk of Los Angeles County on 12/18/2019. The registrant(s) has (have) commenced to transact business under the fictitious business name or names listed above on 12/2019. NOTICE: This Fictitious Name Statement expires five years from the date it was filed in the office of the County Clerk. A new Fictitious Business Name Statement must be filed prior to that date. The filing of this statement does not of itself authorize the use in this state of a Fictitious Business Name in violation of the rights of another under Federal, State, or common law (See section 14411 et seq. Business and Professions Code)
Publish: ED Mountain Views News
Dec 21, 28, 2019, Jan 4, 11, 2020
FICTITIOUS BUSINESS NAME STATEMENT FILE NO. 2019325318
The following person(s) is (are) doing business as: ABO-CAR RENTAL 3245 N CROSBY ST, SUN VALLEY, CA 91352. Full name of registrant(s) is (are) ABA KANSASE SIMONYAN 3245 N CROSBY ST, SUN VALLEY, CA 91352. This Business is conducted by: INDIVIDUAL. Signed: ABA KANSASE SIMONYAN, OWNER. This statement was filed with the County Clerk of Los Angeles County on 12/17/2019. The registrant(s) has (have) commenced to transact business under the fictitious business name or names listed above on N/A. NOTICE: This Fictitious Name Statement expires five years from the date it was filed in the office of the County Clerk. A new Fictitious Business Name Statement must be filed prior to that date. The filing of this statement does not of itself authorize the use in this state of a Fictitious Business Name in violation of the rights of another under Federal, State, or common law (See section 14411 et seq. Business and Professions Code)
Publish: ED Mountain Views News
Dec 21, 28, 2019, Jan 4, 11, 2020
FICTITIOUS BUSINESS NAME STATEMENT FILE NO. 2019322298
The following person(s) is (are) doing business as: KEVIN 21200 KITTRIDGE ST WOODLAND HILLS, CA 91303. Full name of registrant(s) is (are) LEFRAN KEVIN LEOPOLD 21200 KITTRIDGE ST WOODLAND HILLS, CA 91303. This Business is conducted by: INDIVIDUAL. Signed: LEFRAN KEVIN LEOPOLD, OWNER. This statement was filed with the County Clerk of Los Angeles County on 12/16/2019. The registrant(s) has (have) commenced to transact business under the fictitious business name or names listed above on N/A. NOTICE: This Fictitious Name Statement expires five years from the date it was filed in the office of the County Clerk. A new Fictitious Business Name Statement must be filed prior to that date. The filing of this statement does not of itself authorize the use in this state of a Fictitious Business Name in violation of the rights of another under Federal, State, or common law (See section 14411 et seq. Business and Professions Code)
Publish: ES Mountain Views News
Dec 21, 28, 2019, Jan 4, 11, 2020
Mountain Views News 80 W Sierra Madre Blvd. No. 327 Sierra Madre, Ca. 91024 Office: 626.355.2737 Fax: 626.609.3285	Email: editor@mtnviewsnews.com Website: www.mtnviewsnews.com
